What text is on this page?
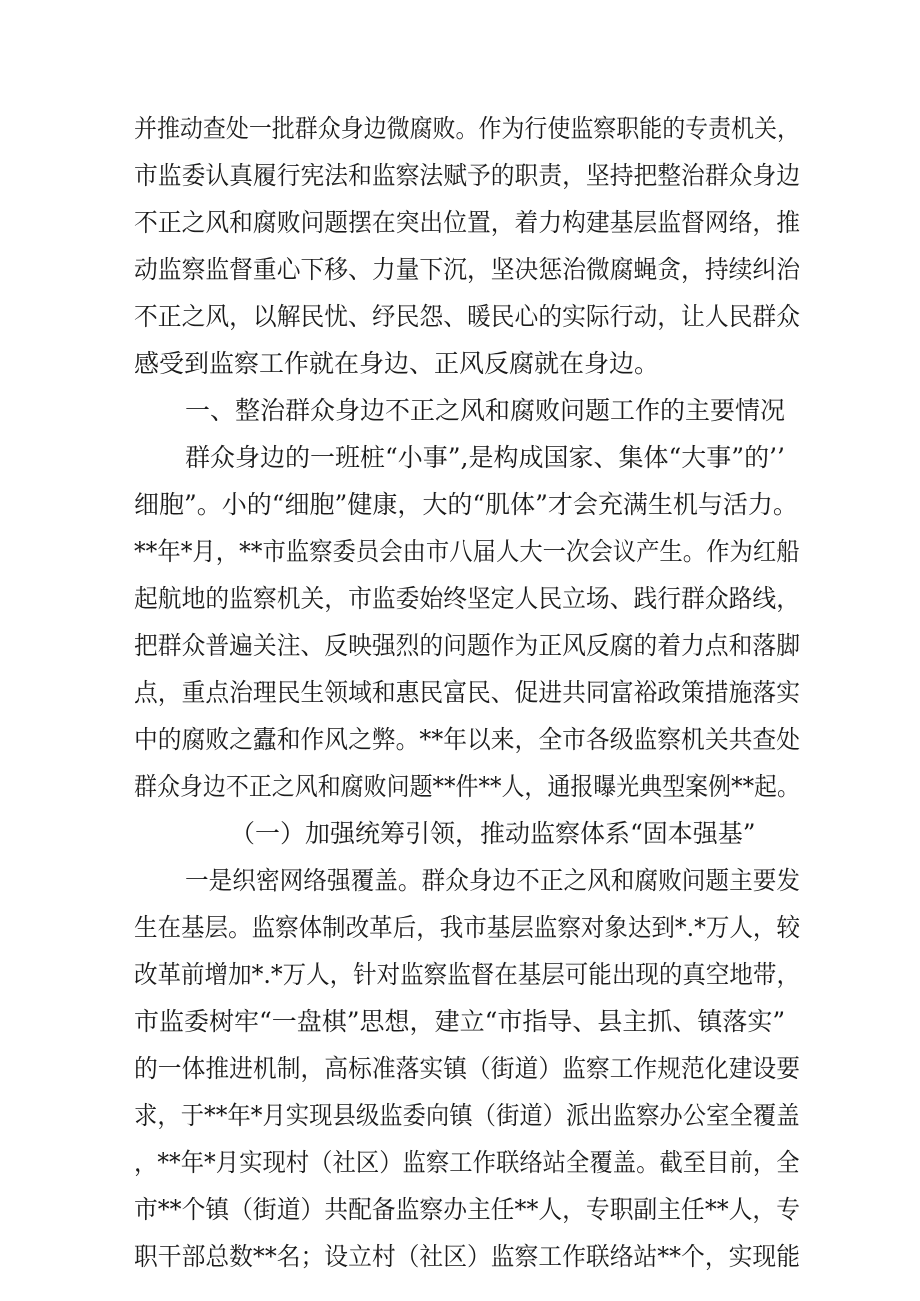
并推动查处一批群众身边微腐败。作为行使监察职能的专责机关，
市监委认真履行宪法和监察法赋予的职责，坚持把整治群众身边
不正之风和腐败问题摆在突出位置，着力构建基层监督网络，推
动监察监督重心下移、力量下沉，坚决惩治微腐蝇贪，持续纠治
不正之风，以解民忧、纾民怨、暖民心的实际行动，让人民群众
感受到监察工作就在身边、正风反腐就在身边。
一、整治群众身边不正之风和腐败问题工作的主要情况
群众身边的一班桩“小事”,是构成国家、集体“大事”的’’
细胞”。小的“细胞”健康，大的“肌体”才会充满生机与活力。
**年*月，**市监察委员会由市八届人大一次会议产生。作为红船
起航地的监察机关，市监委始终坚定人民立场、践行群众路线，
把群众普遍关注、反映强烈的问题作为正风反腐的着力点和落脚
点，重点治理民生领域和惠民富民、促进共同富裕政策措施落实
中的腐败之蠹和作风之弊。**年以来，全市各级监察机关共查处
群众身边不正之风和腐败问题**件**人，通报曝光典型案例**起。
（一）加强统筹引领，推动监察体系“固本强基”
一是织密网络强覆盖。群众身边不正之风和腐败问题主要发
生在基层。监察体制改革后，我市基层监察对象达到*.*万人，较
改革前增加*.*万人，针对监察监督在基层可能出现的真空地带，
市监委树牢“一盘棋”思想，建立“市指导、县主抓、镇落实”
的一体推进机制，高标准落实镇（街道）监察工作规范化建设要
求，于**年*月实现县级监委向镇（街道）派出监察办公室全覆盖
，**年*月实现村（社区）监察工作联络站全覆盖。截至目前，全
市**个镇（街道）共配备监察办主任**人，专职副主任**人，专
职干部总数**名；设立村（社区）监察工作联络站**个，实现能
